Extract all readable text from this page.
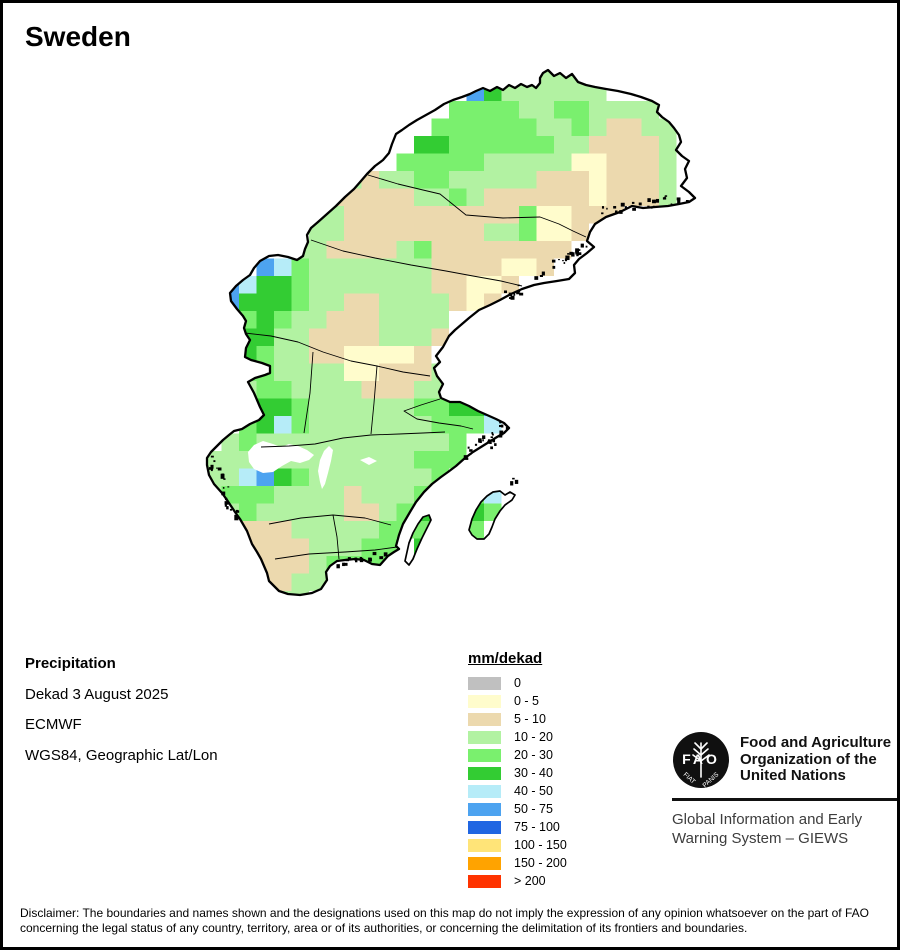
Sweden
mm/dekad
0
0 - 5
5 - 10
10 - 20
20 - 30
30 - 40
40 - 50
50 - 75
75 - 100
100 - 150
150 - 200
> 200
Precipitation
Dekad 3 August 2025
ECMWF
WGS84, Geographic Lat/Lon	FAO
FIAT PANIS
Food and Agriculture
Organization of the
United Nations
Global Information and Early
Warning System – GIEWS
Disclaimer: The boundaries and names shown and the designations used on this map do not imply the expression of any opinion whatsoever on the part of FAO
concerning the legal status of any country, territory, area or of its authorities, or concerning the delimitation of its frontiers and boundaries.
